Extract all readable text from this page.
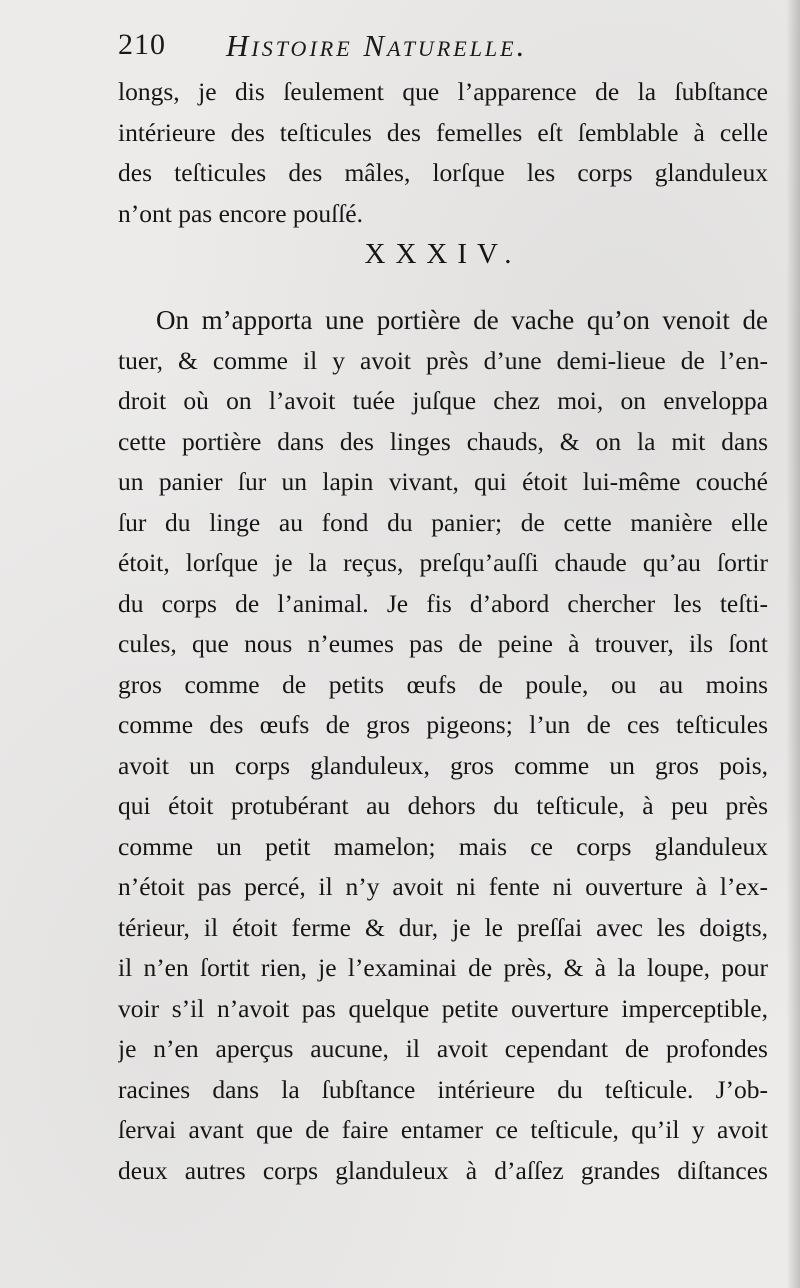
210 Histoire Naturelle.
longs, je dis ſeulement que l’apparence de la ſubſtance
intérieure des teſticules des femelles eſt ſemblable à celle
des teſticules des mâles, lorſque les corps glanduleux
n’ont pas encore pouſſé.
XXXIV.
On m’apporta une portière de vache qu’on venoit de
tuer, & comme il y avoit près d’une demi-lieue de l’en-
droit où on l’avoit tuée juſque chez moi, on enveloppa
cette portière dans des linges chauds, & on la mit dans
un panier ſur un lapin vivant, qui étoit lui-même couché
ſur du linge au fond du panier; de cette manière elle
étoit, lorſque je la reçus, preſqu’auſſi chaude qu’au ſortir
du corps de l’animal. Je fis d’abord chercher les teſti-
cules, que nous n’eumes pas de peine à trouver, ils ſont
gros comme de petits œufs de poule, ou au moins
comme des œufs de gros pigeons; l’un de ces teſticules
avoit un corps glanduleux, gros comme un gros pois,
qui étoit protubérant au dehors du teſticule, à peu près
comme un petit mamelon; mais ce corps glanduleux
n’étoit pas percé, il n’y avoit ni fente ni ouverture à l’ex-
térieur, il étoit ferme & dur, je le preſſai avec les doigts,
il n’en ſortit rien, je l’examinai de près, & à la loupe, pour
voir s’il n’avoit pas quelque petite ouverture imperceptible,
je n’en aperçus aucune, il avoit cependant de profondes
racines dans la ſubſtance intérieure du teſticule. J’ob-
ſervai avant que de faire entamer ce teſticule, qu’il y avoit
deux autres corps glanduleux à d’aſſez grandes diſtances
